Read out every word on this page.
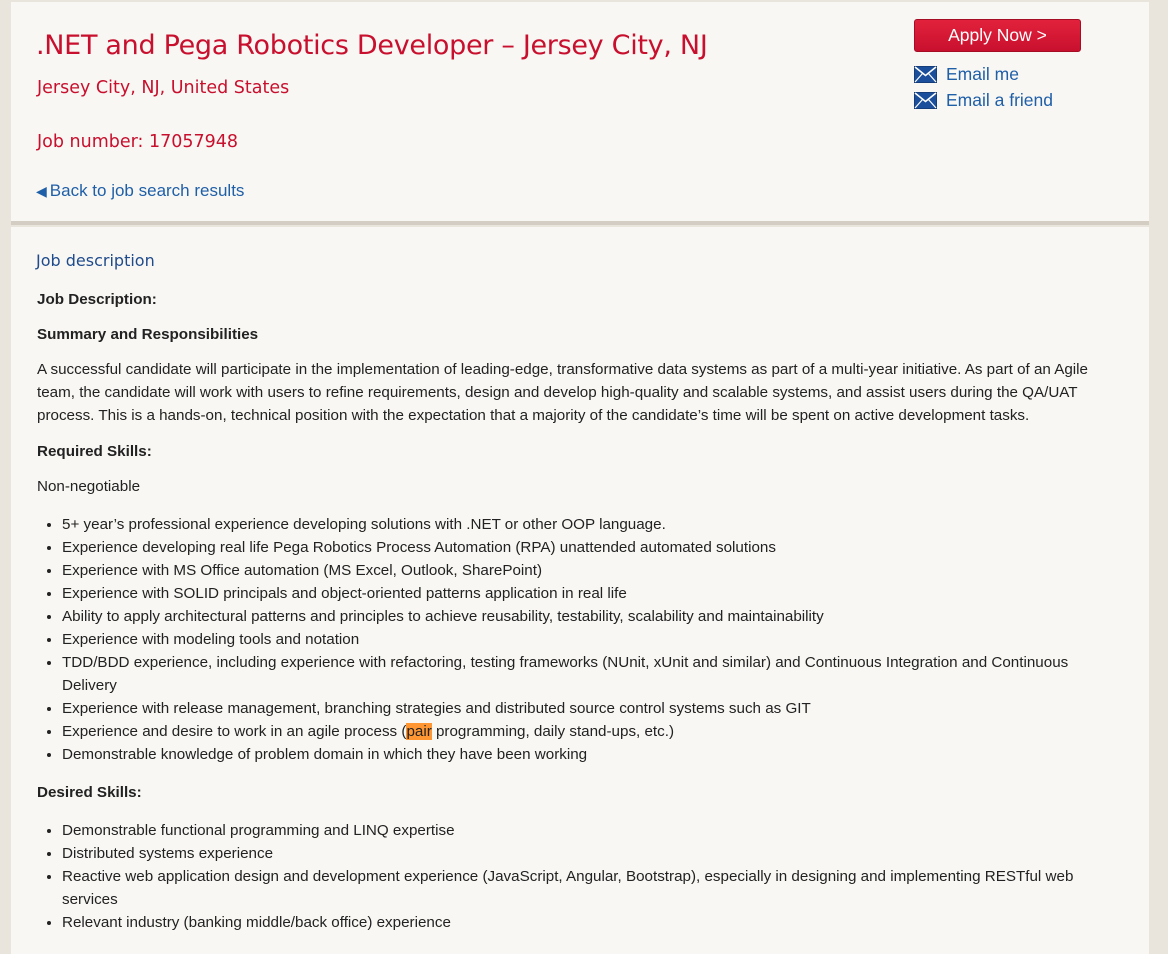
.NET and Pega Robotics Developer – Jersey City, NJ
Jersey City, NJ, United States
Job number: 17057948
◀ Back to job search results
Apply Now >
Email me
Email a friend
Job description

Job Description:

Summary and Responsibilities

A successful candidate will participate in the implementation of leading-edge, transformative data systems as part of a multi-year initiative. As part of an Agile team, the candidate will work with users to refine requirements, design and develop high-quality and scalable systems, and assist users during the QA/UAT process. This is a hands-on, technical position with the expectation that a majority of the candidate’s time will be spent on active development tasks.

Required Skills:

Non-negotiable

• 5+ year’s professional experience developing solutions with .NET or other OOP language.
• Experience developing real life Pega Robotics Process Automation (RPA) unattended automated solutions
• Experience with MS Office automation (MS Excel, Outlook, SharePoint)
• Experience with SOLID principals and object-oriented patterns application in real life
• Ability to apply architectural patterns and principles to achieve reusability, testability, scalability and maintainability
• Experience with modeling tools and notation
• TDD/BDD experience, including experience with refactoring, testing frameworks (NUnit, xUnit and similar) and Continuous Integration and Continuous Delivery
• Experience with release management, branching strategies and distributed source control systems such as GIT
• Experience and desire to work in an agile process (pair programming, daily stand-ups, etc.)
• Demonstrable knowledge of problem domain in which they have been working

Desired Skills:

• Demonstrable functional programming and LINQ expertise
• Distributed systems experience
• Reactive web application design and development experience (JavaScript, Angular, Bootstrap), especially in designing and implementing RESTful web services
• Relevant industry (banking middle/back office) experience
